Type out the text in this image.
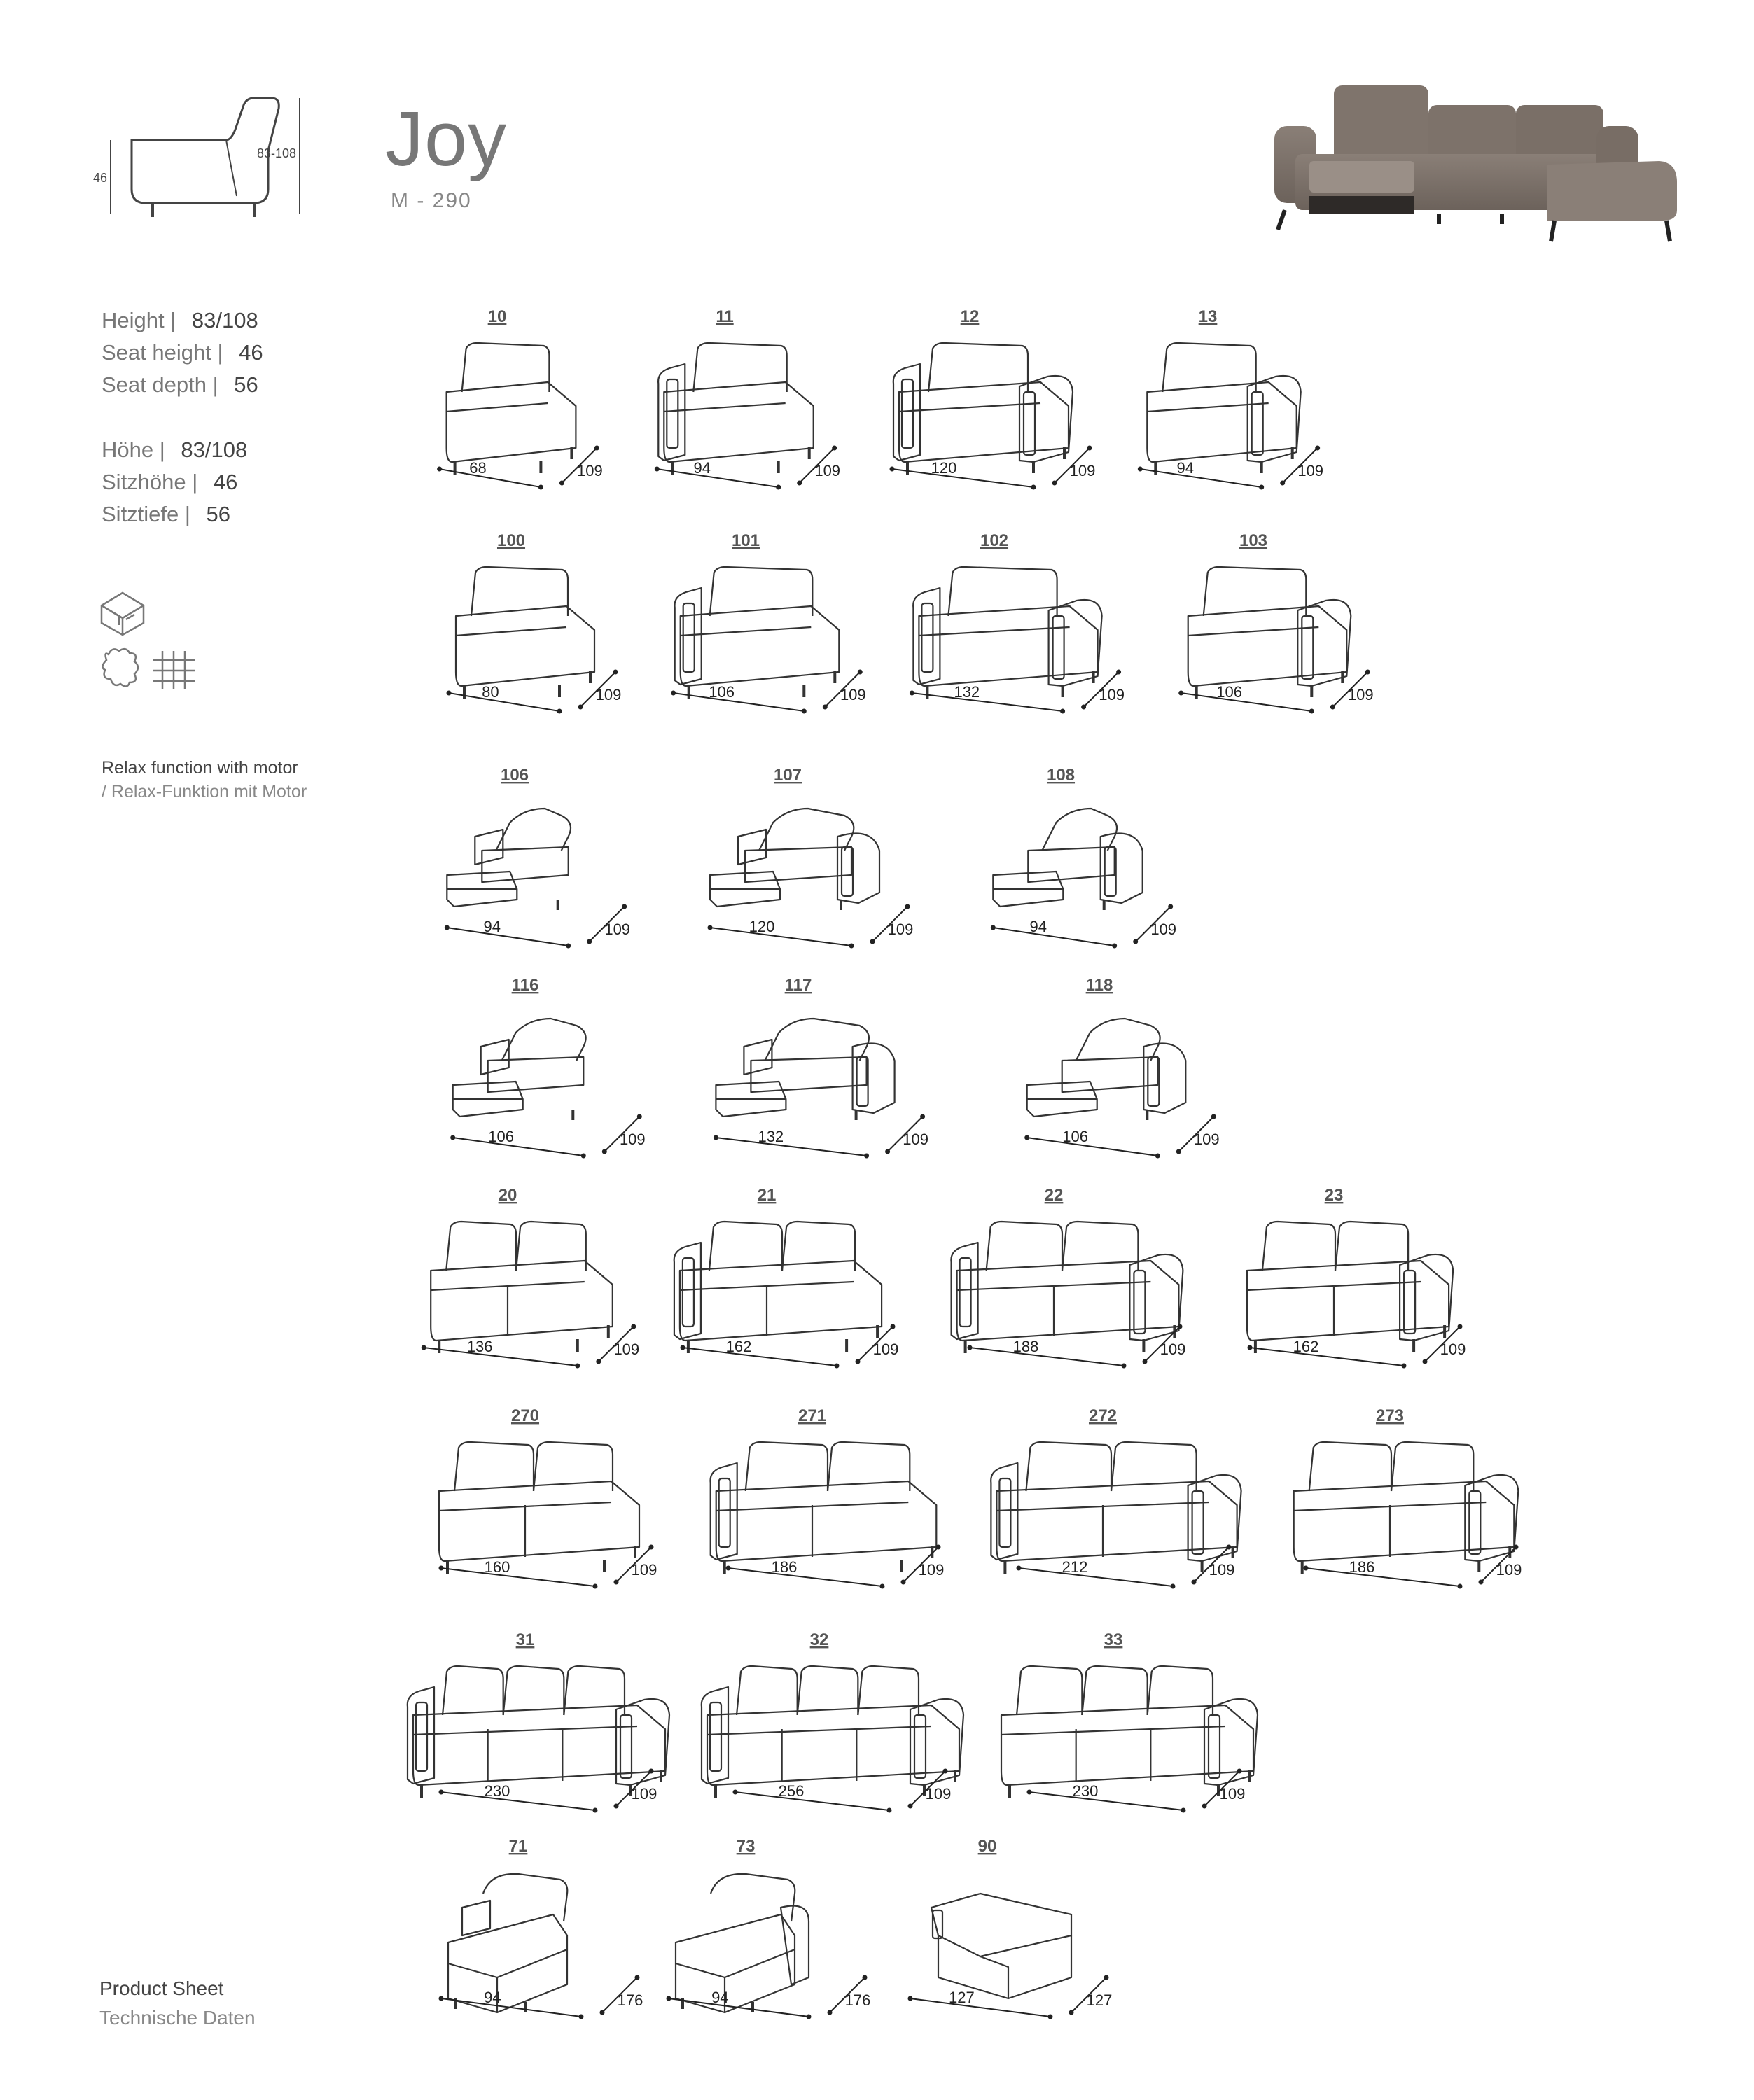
46
83-108 Joy
M - 290
Height | 83/108
Seat height | 46
Seat depth | 56
Höhe | 83/108
Sitzhöhe | 46
Sitztiefe | 56
Relax function with motor
/ Relax-Funktion mit Motor
Product Sheet
Technische Daten
10
68	109
11
94	109
12
120	109
13
94	109
100
80	109
101
106	109
102
132	109
103
106	109
106
94	109
107
120	109
108
94	109
116
106	109
117
132	109
118
106	109
20
136	109
21
162	109
22
188	109
23
162	109
270
160	109
271
186	109
272
212	109
273
186	109
31
230	109
32
256	109
33
230	109
71
94	176
73
94	176
90
127	127
